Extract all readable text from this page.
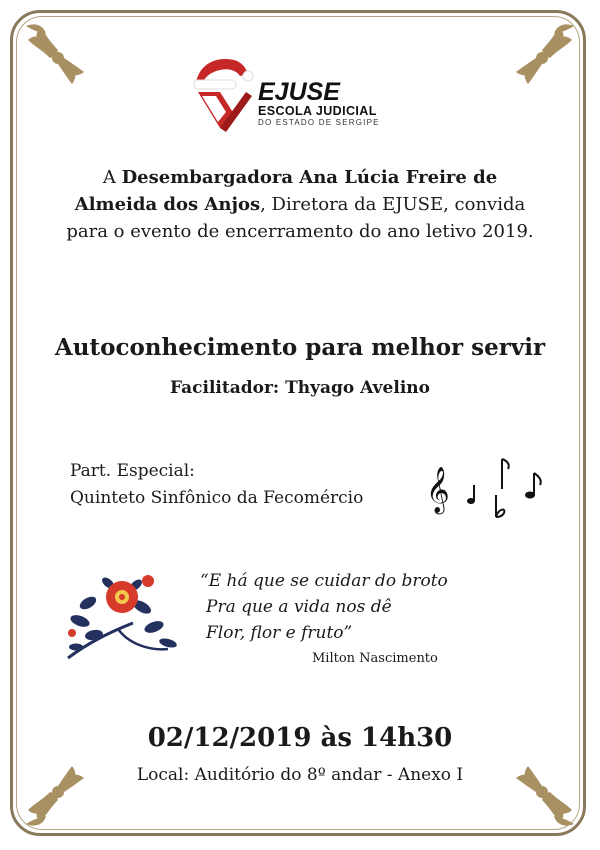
EJUSE
ESCOLA JUDICIAL
DO ESTADO DE SERGIPE
A Desembargadora Ana Lúcia Freire de Almeida dos Anjos, Diretora da EJUSE, convida para o evento de encerramento do ano letivo 2019.
Autoconhecimento para melhor servir
Facilitador: Thyago Avelino
Part. Especial:
Quinteto Sinfônico da Fecomércio 𝄞
“E há que se cuidar do broto
Pra que a vida nos dê
Flor, flor e fruto”
Milton Nascimento
02/12/2019 às 14h30
Local: Auditório do 8º andar - Anexo I
